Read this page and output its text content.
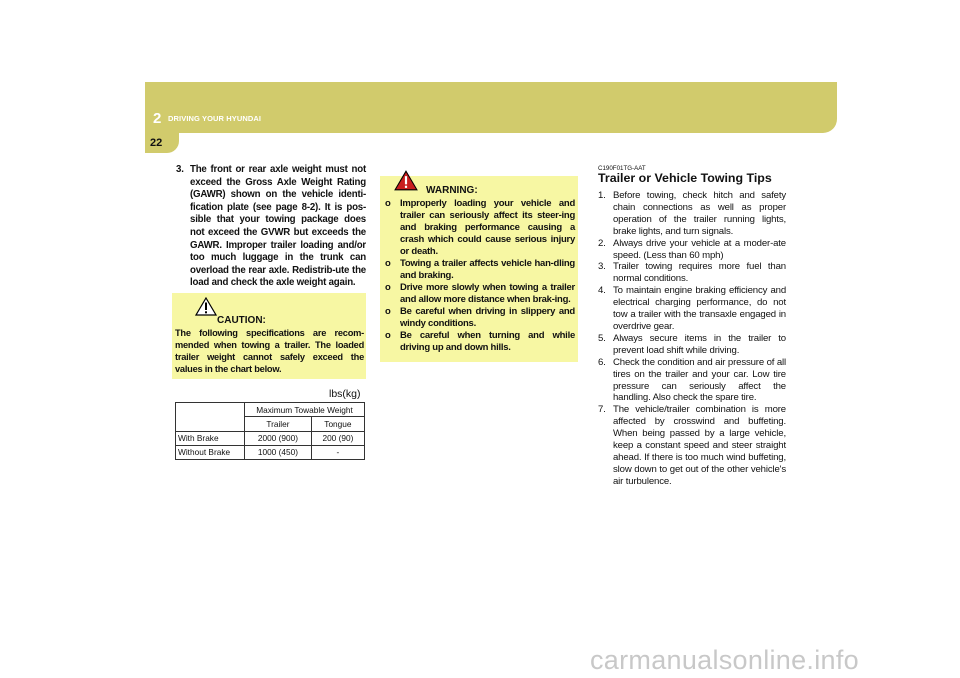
2 DRIVING YOUR HYUNDAI
22
3. The front or rear axle weight must not exceed the Gross Axle Weight Rating (GAWR) shown on the vehicle identi-fication plate (see page 8-2). It is pos-sible that your towing package does not exceed the GVWR but exceeds the GAWR. Improper trailer loading and/or too much luggage in the trunk can overload the rear axle. Redistrib-ute the load and check the axle weight again.
CAUTION:
The following specifications are recom-mended when towing a trailer. The loaded trailer weight cannot safely exceed the values in the chart below.
lbs(kg)
	Maximum Towable Weight	
	Trailer	Tongue
With Brake	2000 (900)	200 (90)
Without Brake	1000 (450)	-
WARNING:
o Improperly loading your vehicle and trailer can seriously affect its steer-ing and braking performance causing a crash which could cause serious injury or death.
o Towing a trailer affects vehicle han-dling and braking.
o Drive more slowly when towing a trailer and allow more distance when brak-ing.
o Be careful when driving in slippery and windy conditions.
o Be careful when turning and while driving up and down hills.
C190F01TG-AAT
Trailer or Vehicle Towing Tips
1. Before towing, check hitch and safety chain connections as well as proper operation of the trailer running lights, brake lights, and turn signals.
2. Always drive your vehicle at a moder-ate speed. (Less than 60 mph)
3. Trailer towing requires more fuel than normal conditions.
4. To maintain engine braking efficiency and electrical charging performance, do not tow a trailer with the transaxle engaged in overdrive gear.
5. Always secure items in the trailer to prevent load shift while driving.
6. Check the condition and air pressure of all tires on the trailer and your car. Low tire pressure can seriously affect the handling. Also check the spare tire.
7. The vehicle/trailer combination is more affected by crosswind and buffeting. When being passed by a large vehicle, keep a constant speed and steer straight ahead. If there is too much wind buffeting, slow down to get out of the other vehicle's air turbulence.
carmanualsonline.info
